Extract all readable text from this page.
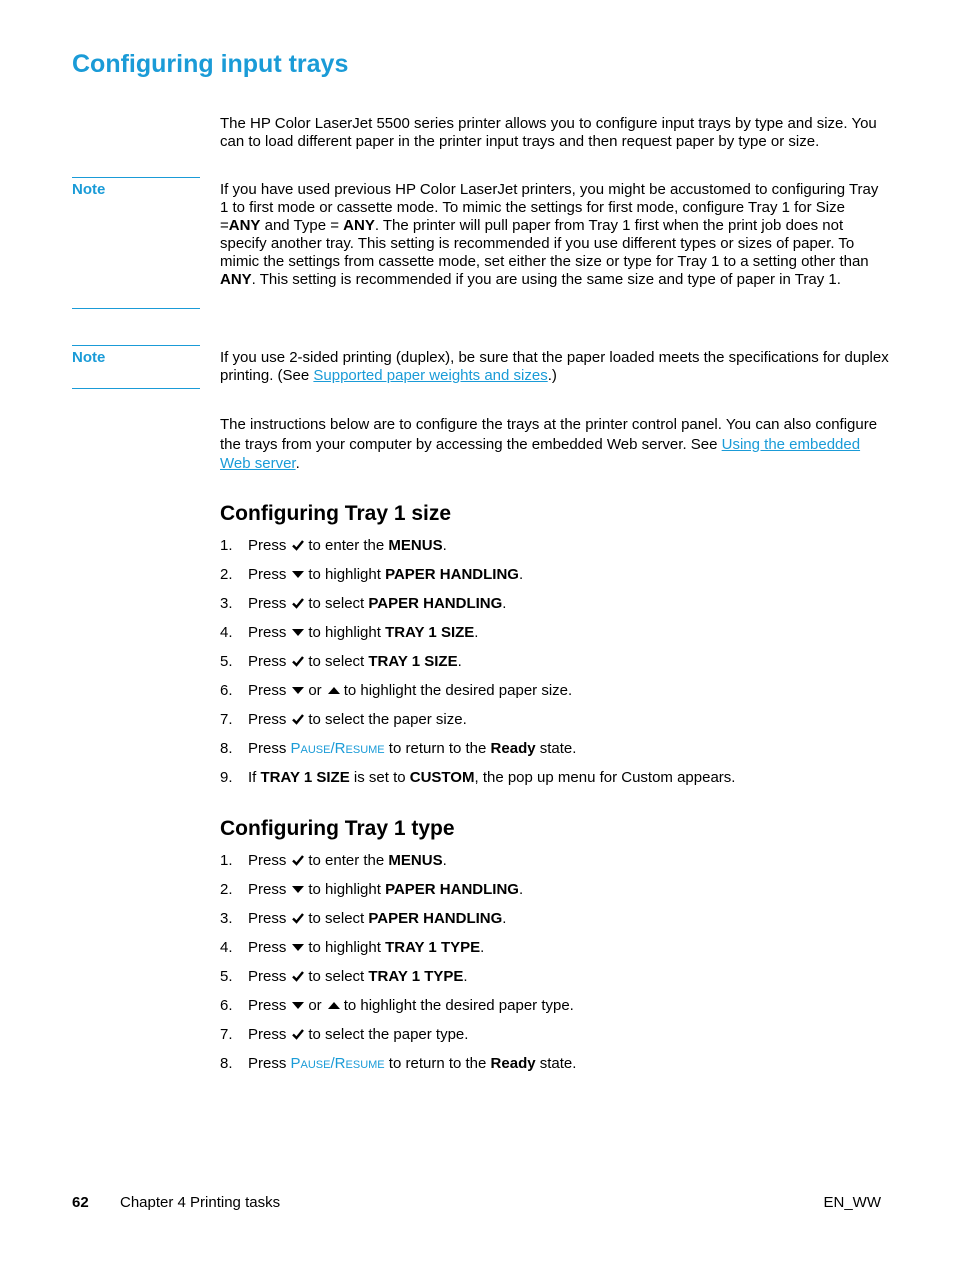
Configuring input trays

The HP Color LaserJet 5500 series printer allows you to configure input trays by type and size. You can to load different paper in the printer input trays and then request paper by type or size.

Note	If you have used previous HP Color LaserJet printers, you might be accustomed to configuring Tray 1 to first mode or cassette mode. To mimic the settings for first mode, configure Tray 1 for Size =ANY and Type = ANY. The printer will pull paper from Tray 1 first when the print job does not specify another tray. This setting is recommended if you use different types or sizes of paper. To mimic the settings from cassette mode, set either the size or type for Tray 1 to a setting other than ANY. This setting is recommended if you are using the same size and type of paper in Tray 1.

Note	If you use 2-sided printing (duplex), be sure that the paper loaded meets the specifications for duplex printing. (See Supported paper weights and sizes.)

The instructions below are to configure the trays at the printer control panel. You can also configure the trays from your computer by accessing the embedded Web server. See Using the embedded Web server.

Configuring Tray 1 size
1.	Press to enter the MENUS.
2.	Press to highlight PAPER HANDLING.
3.	Press to select PAPER HANDLING.
4.	Press to highlight TRAY 1 SIZE.
5.	Press to select TRAY 1 SIZE.
6.	Press or to highlight the desired paper size.
7.	Press to select the paper size.
8.	Press PAUSE/RESUME to return to the Ready state.
9.	If TRAY 1 SIZE is set to CUSTOM, the pop up menu for Custom appears.
Configuring Tray 1 type
1.	Press to enter the MENUS.
2.	Press to highlight PAPER HANDLING.
3.	Press to select PAPER HANDLING.
4.	Press to highlight TRAY 1 TYPE.
5.	Press to select TRAY 1 TYPE.
6.	Press or to highlight the desired paper type.
7.	Press to select the paper type.
8.	Press PAUSE/RESUME to return to the Ready state.
62 Chapter 4 Printing tasks	EN_WW
